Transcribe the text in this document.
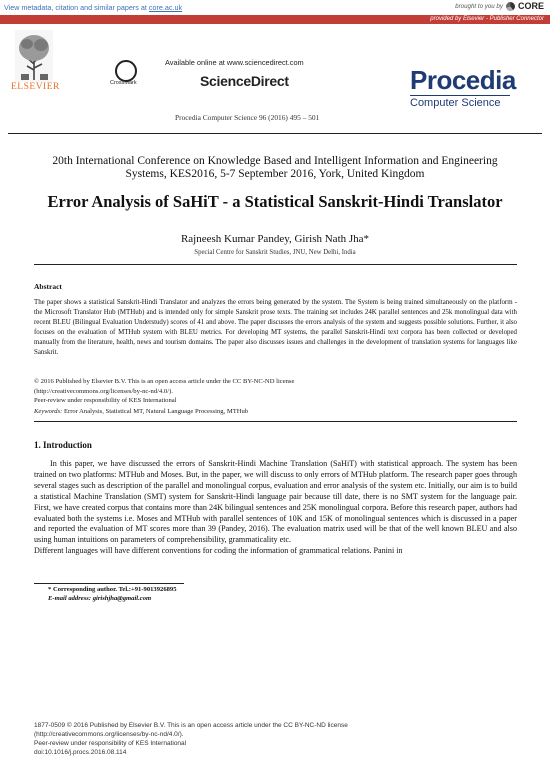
View metadata, citation and similar papers at core.ac.uk	brought to you by CORE
provided by Elsevier - Publisher Connector
ELSEVIER	CrossMark
Available online at www.sciencedirect.com
ScienceDirect
Procedia Computer Science 96 (2016) 495 – 501
Procedia
Computer Science
20th International Conference on Knowledge Based and Intelligent Information and Engineering Systems, KES2016, 5-7 September 2016, York, United Kingdom
Error Analysis of SaHiT - a Statistical Sanskrit-Hindi Translator
Rajneesh Kumar Pandey, Girish Nath Jha*
Special Centre for Sanskrit Studies, JNU, New Delhi, India
Abstract
The paper shows a statistical Sanskrit-Hindi Translator and analyzes the errors being generated by the system. The System is being trained simultaneously on the platform - the Microsoft Translator Hub (MTHub) and is intended only for simple Sanskrit prose texts. The training set includes 24K parallel sentences and 25k monolingual data with recent BLEU (Bilingual Evaluation Understudy) scores of 41 and above. The paper discusses the errors analysis of the system and suggests possible solutions. Further, it also focuses on the evaluation of MTHub system with BLEU metrics. For developing MT systems, the parallel Sanskrit-Hindi text corpora has been collected or developed manually from the literature, health, news and tourism domains. The paper also discusses issues and challenges in the development of translation systems for languages like Sanskrit.
© 2016 Published by Elsevier B.V. This is an open access article under the CC BY-NC-ND license
(http://creativecommons.org/licenses/by-nc-nd/4.0/).
Peer-review under responsibility of KES International
Keywords: Error Analysis, Statistical MT, Natural Language Processing, MTHub
1. Introduction

In this paper, we have discussed the errors of Sanskrit-Hindi Machine Translation (SaHiT) with statistical approach. The system has been trained on two platforms: MTHub and Moses. But, in the paper, we will discuss to only errors of MTHub platform. The research paper goes through several stages such as description of the parallel and monolingual corpus, evaluation and error analysis of the system etc. Initially, our aim is to build a statistical Machine Translation (SMT) system for Sanskrit-Hindi language pair because till date, there is no SMT system for the language pair. First, we have created corpus that contains more than 24K bilingual sentences and 25K monolingual corpora. Before this research paper, authors had evaluated both the systems i.e. Moses and MTHub with parallel sentences of 10K and 15K of monolingual sentences which is discussed in a paper and reported the evaluation of MT scores more than 39 (Pandey, 2016). The evaluation matrix used will be that of the well known BLEU and also using human intuitions on parameters of comprehensibility, grammaticality etc.

Different languages will have different conventions for coding the information of grammatical relations. Panini in

* Corresponding author. Tel.:+91-9013926895
E-mail address: girishjha@gmail.com
1877-0509 © 2016 Published by Elsevier B.V. This is an open access article under the CC BY-NC-ND license
(http://creativecommons.org/licenses/by-nc-nd/4.0/).
Peer-review under responsibility of KES International
doi:10.1016/j.procs.2016.08.114
